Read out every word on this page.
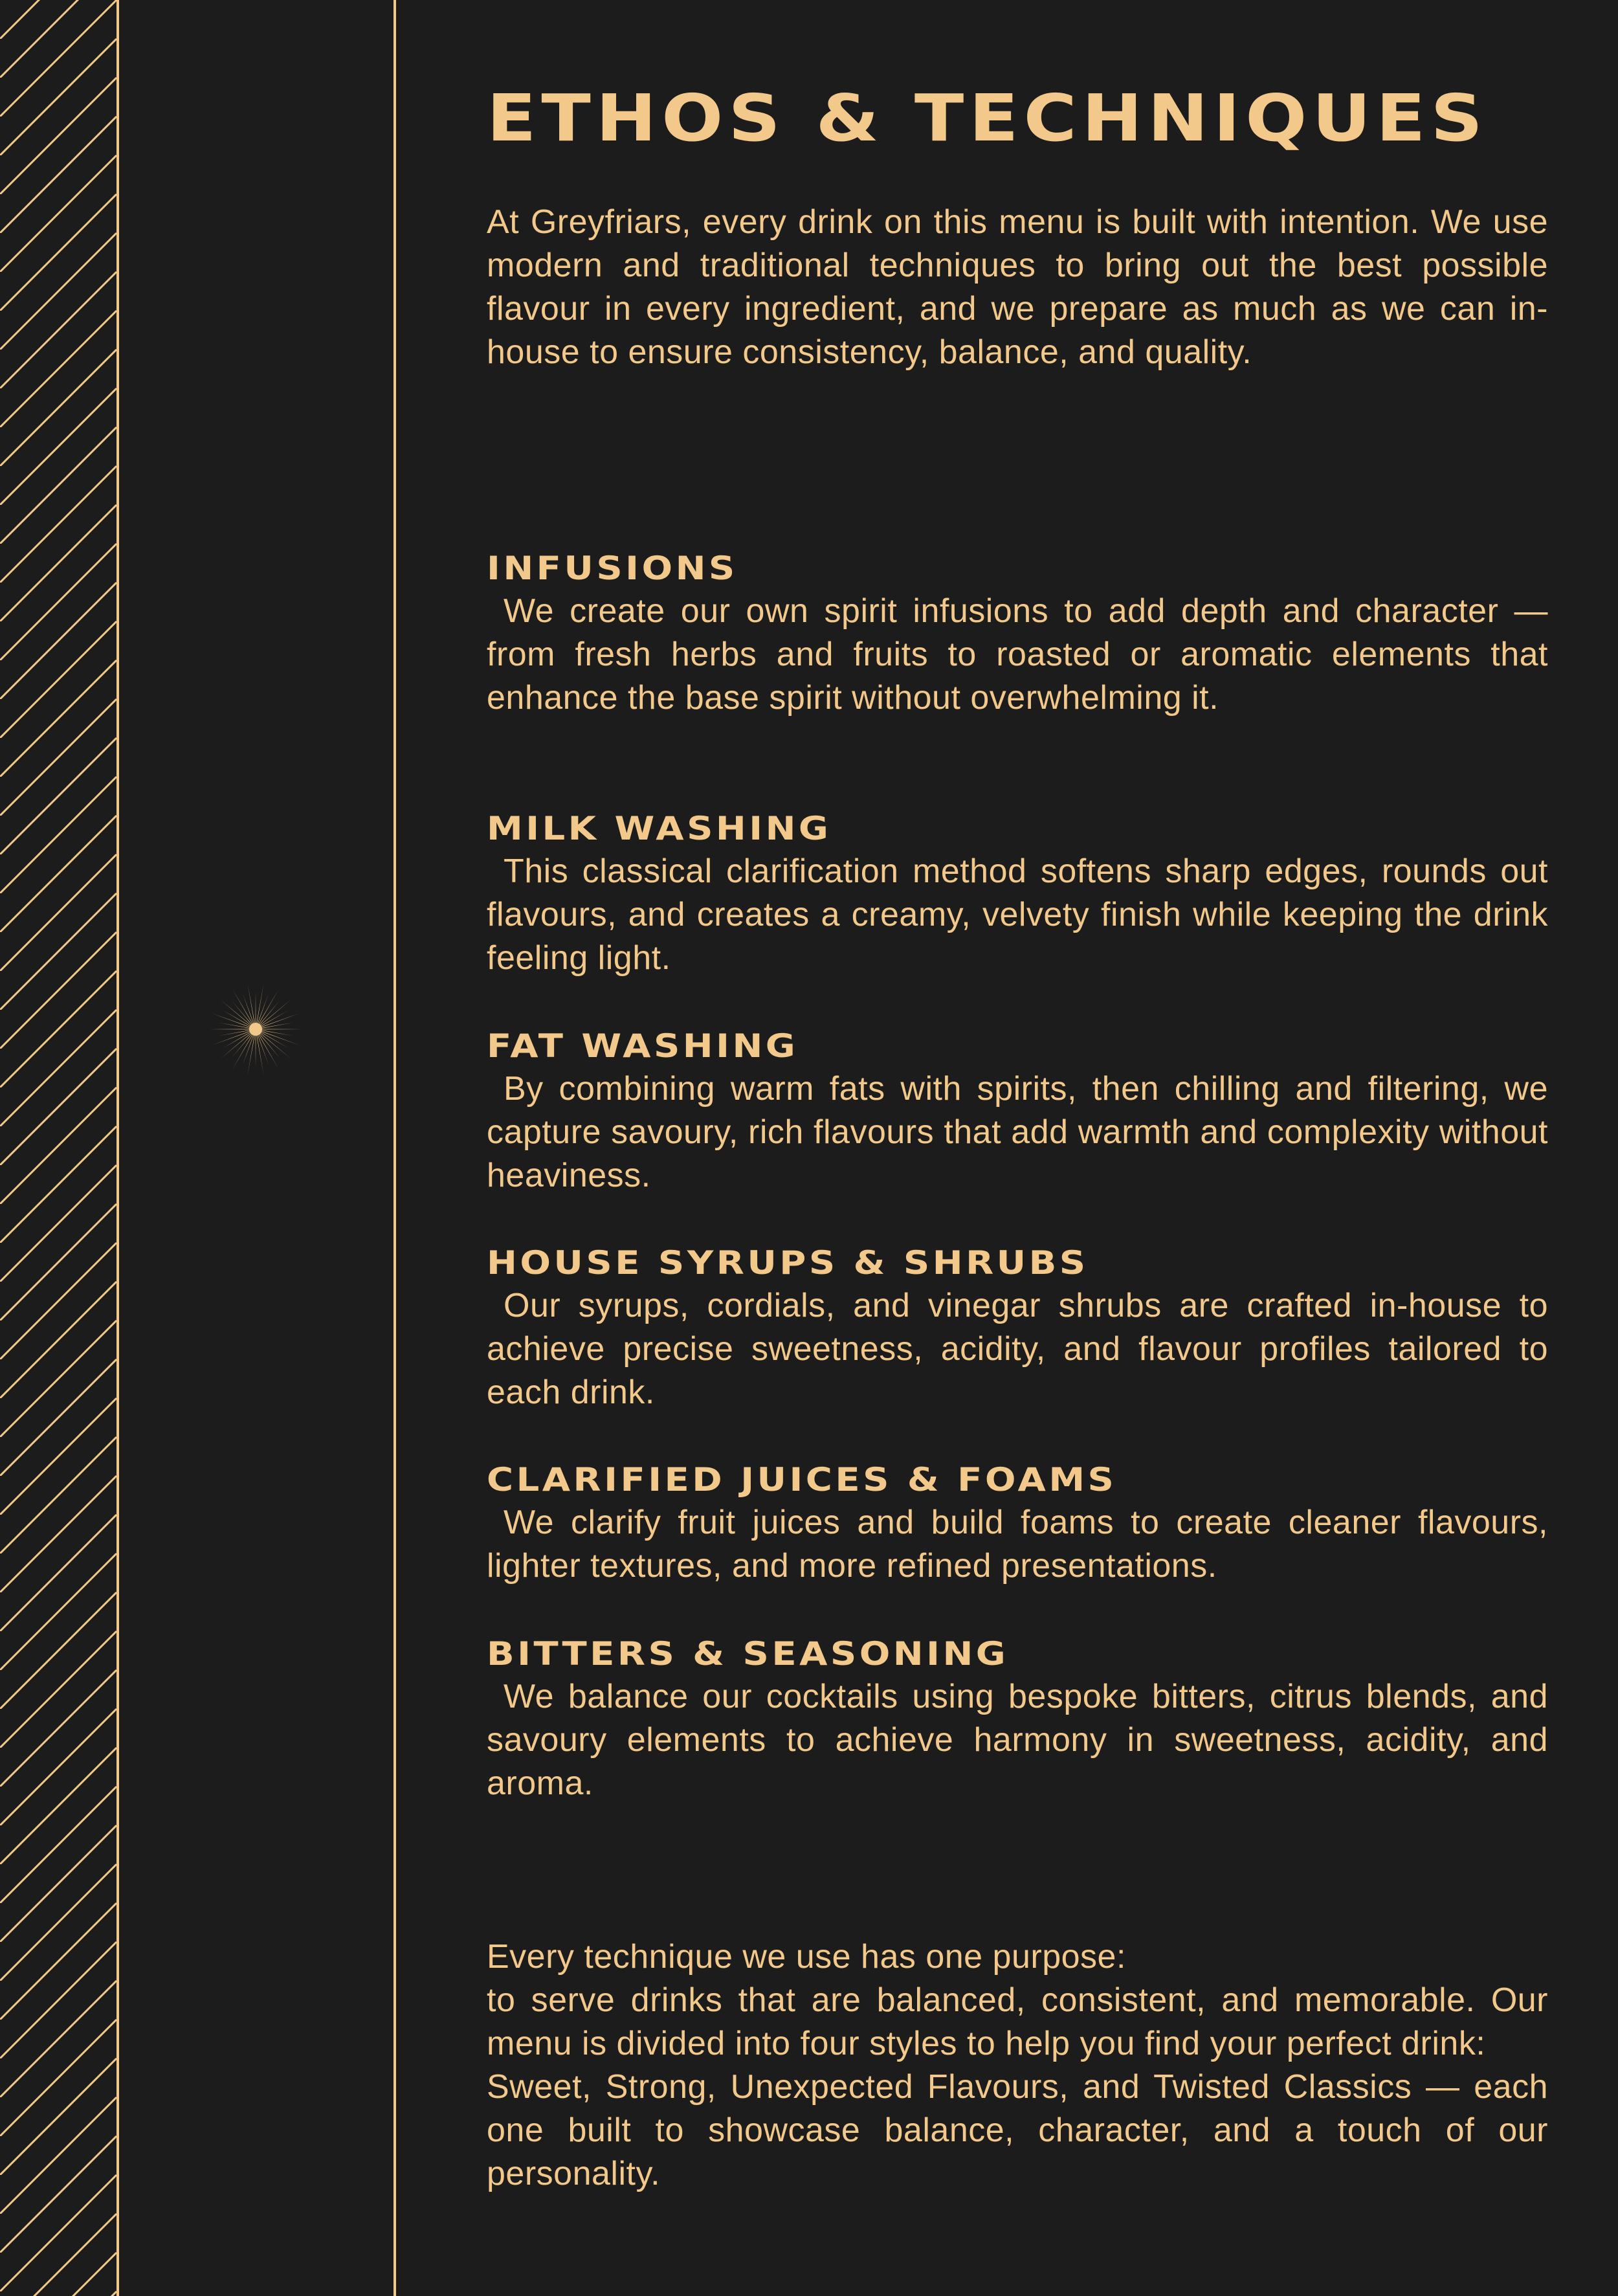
ETHOS & TECHNIQUES

At Greyfriars, every drink on this menu is built with intention. We use modern and traditional techniques to bring out the best possible flavour in every ingredient, and we prepare as much as we can in-house to ensure consistency, balance, and quality.

INFUSIONS

We create our own spirit infusions to add depth and character — from fresh herbs and fruits to roasted or aromatic elements that enhance the base spirit without overwhelming it.

MILK WASHING

This classical clarification method softens sharp edges, rounds out flavours, and creates a creamy, velvety finish while keeping the drink feeling light.

FAT WASHING

By combining warm fats with spirits, then chilling and filtering, we capture savoury, rich flavours that add warmth and complexity without heaviness.

HOUSE SYRUPS & SHRUBS

Our syrups, cordials, and vinegar shrubs are crafted in-house to achieve precise sweetness, acidity, and flavour profiles tailored to each drink.

CLARIFIED JUICES & FOAMS

We clarify fruit juices and build foams to create cleaner flavours, lighter textures, and more refined presentations.

BITTERS & SEASONING

We balance our cocktails using bespoke bitters, citrus blends, and savoury elements to achieve harmony in sweetness, acidity, and aroma.

Every technique we use has one purpose:

to serve drinks that are balanced, consistent, and memorable. Our menu is divided into four styles to help you find your perfect drink:

Sweet, Strong, Unexpected Flavours, and Twisted Classics — each one built to showcase balance, character, and a touch of our personality.
